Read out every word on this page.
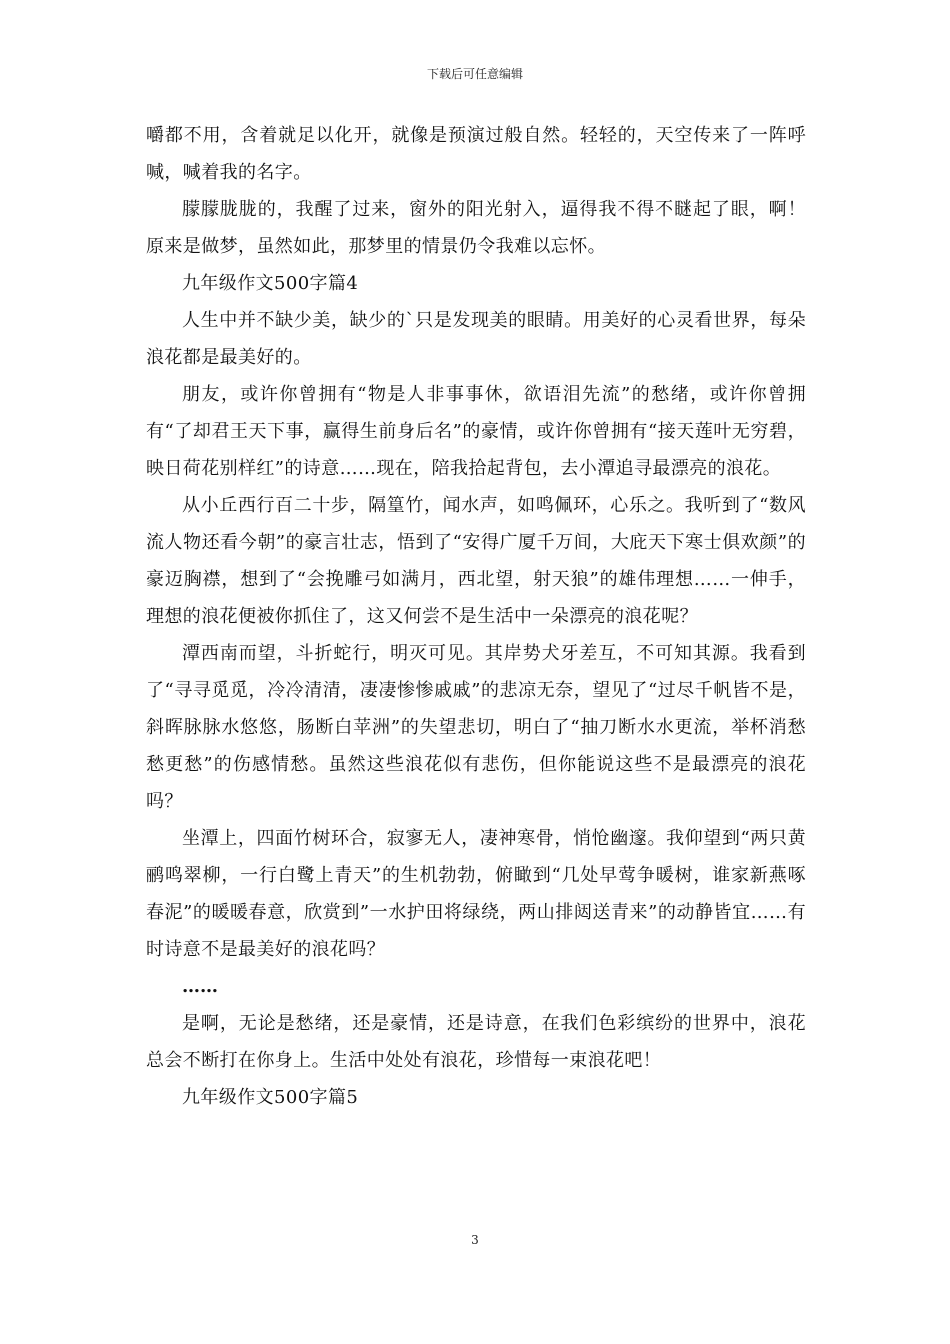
下载后可任意编辑

嚼都不用，含着就足以化开，就像是预演过般自然。轻轻的，天空传来了一阵呼喊，喊着我的名字。

朦朦胧胧的，我醒了过来，窗外的阳光射入，逼得我不得不瞇起了眼，啊！原来是做梦，虽然如此，那梦里的情景仍令我难以忘怀。

九年级作文500字篇4

人生中并不缺少美，缺少的`只是发现美的眼睛。用美好的心灵看世界，每朵浪花都是最美好的。

朋友，或许你曾拥有“物是人非事事休，欲语泪先流”的愁绪，或许你曾拥有“了却君王天下事，赢得生前身后名”的豪情，或许你曾拥有“接天莲叶无穷碧，映日荷花别样红”的诗意……现在，陪我拾起背包，去小潭追寻最漂亮的浪花。

从小丘西行百二十步，隔篁竹，闻水声，如鸣佩环，心乐之。我听到了“数风流人物还看今朝”的豪言壮志，悟到了“安得广厦千万间，大庇天下寒士俱欢颜”的豪迈胸襟，想到了“会挽雕弓如满月，西北望，射天狼”的雄伟理想……一伸手，理想的浪花便被你抓住了，这又何尝不是生活中一朵漂亮的浪花呢？

潭西南而望，斗折蛇行，明灭可见。其岸势犬牙差互，不可知其源。我看到了“寻寻觅觅，冷冷清清，凄凄惨惨戚戚”的悲凉无奈，望见了“过尽千帆皆不是，斜晖脉脉水悠悠，肠断白苹洲”的失望悲切，明白了“抽刀断水水更流，举杯消愁愁更愁”的伤感情愁。虽然这些浪花似有悲伤，但你能说这些不是最漂亮的浪花吗？

坐潭上，四面竹树环合，寂寥无人，凄神寒骨，悄怆幽邃。我仰望到“两只黄鹂鸣翠柳，一行白鹭上青天”的生机勃勃，俯瞰到“几处早莺争暖树，谁家新燕啄春泥”的暖暖春意，欣赏到”一水护田将绿绕，两山排闼送青来”的动静皆宜……有时诗意不是最美好的浪花吗？

……

是啊，无论是愁绪，还是豪情，还是诗意，在我们色彩缤纷的世界中，浪花总会不断打在你身上。生活中处处有浪花，珍惜每一束浪花吧！

九年级作文500字篇5

3
